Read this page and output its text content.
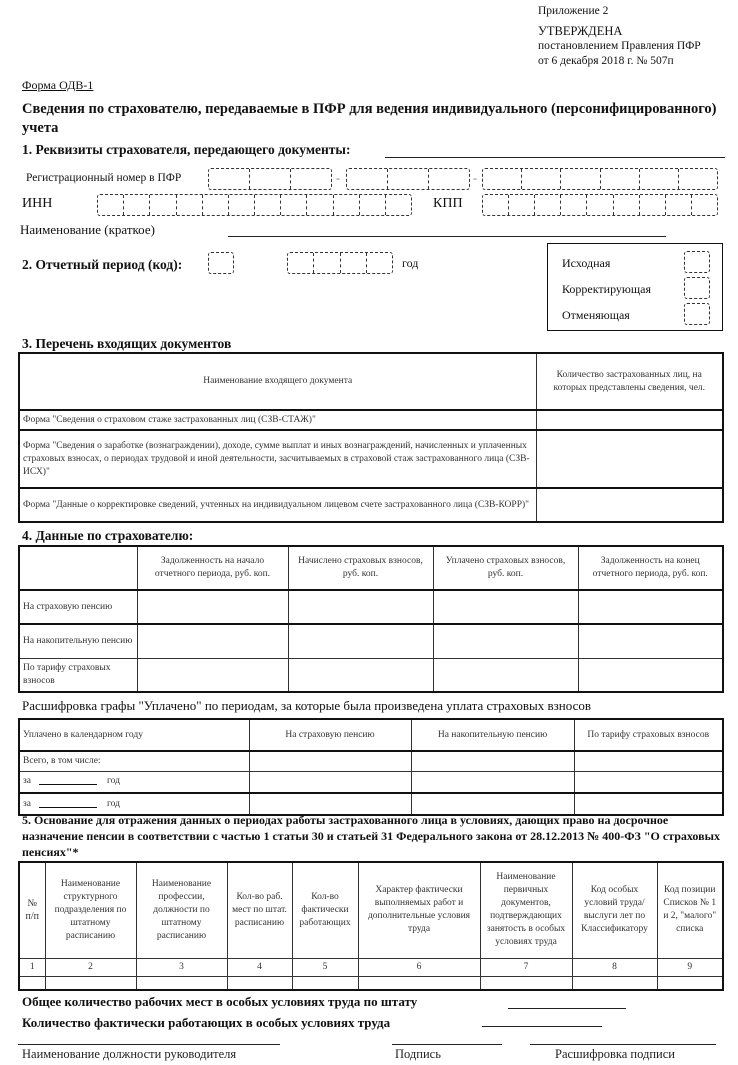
Приложение 2
УТВЕРЖДЕНА
постановлением Правления ПФР
от 6 декабря 2018 г. № 507п
Форма ОДВ-1
Сведения по страхователю, передаваемые в ПФР для ведения индивидуального (персонифицированного) учета
1. Реквизиты страхователя, передающего документы:
Регистрационный номер в ПФР	-	-
ИНН	КПП
Наименование (краткое)
2. Отчетный период (код):	год	Исходная
Корректирующая
Отменяющая
3. Перечень входящих документов
Наименование входящего документа	Количество застрахованных лиц, на которых представлены сведения, чел.
Форма "Сведения о страховом стаже застрахованных лиц (СЗВ-СТАЖ)"	
Форма "Сведения о заработке (вознаграждении), доходе, сумме выплат и иных вознаграждений, начисленных и уплаченных страховых взносах, о периодах трудовой и иной деятельности, засчитываемых в страховой стаж застрахованного лица (СЗВ-ИСХ)"	
Форма "Данные о корректировке сведений, учтенных на индивидуальном лицевом счете застрахованного лица (СЗВ-КОРР)"	
4. Данные по страхователю:
	Задолженность на начало отчетного периода, руб. коп.	Начислено страховых взносов, руб. коп.	Уплачено страховых взносов, руб. коп.	Задолженность на конец отчетного периода, руб. коп.
На страховую пенсию				
На накопительную пенсию				
По тарифу страховых взносов				
Расшифровка графы "Уплачено" по периодам, за которые была произведена уплата страховых взносов
Уплачено в календарном году	На страховую пенсию	На накопительную пенсию	По тарифу страховых взносов
Всего, в том числе:			
за год			
за год			
5. Основание для отражения данных о периодах работы застрахованного лица в условиях, дающих право на досрочное назначение пенсии в соответствии с частью 1 статьи 30 и статьей 31 Федерального закона от 28.12.2013 № 400-ФЗ "О страховых пенсиях"*
№ п/п	Наименование структурного подразделения по штатному расписанию	Наименование профессии, должности по штатному расписанию	Кол-во раб. мест по штат. расписанию	Кол-во фактически работающих	Характер фактически выполняемых работ и дополнительные условия труда	Наименование первичных документов, подтверждающих занятость в особых условиях труда	Код особых условий труда/ выслуги лет по Классификатору	Код позиции Списков № 1 и 2, "малого" списка
1	2	3	4	5	6	7	8	9

Общее количество рабочих мест в особых условиях труда по штату
Количество фактически работающих в особых условиях труда
Наименование должности руководителя	Подпись	Расшифровка подписи
